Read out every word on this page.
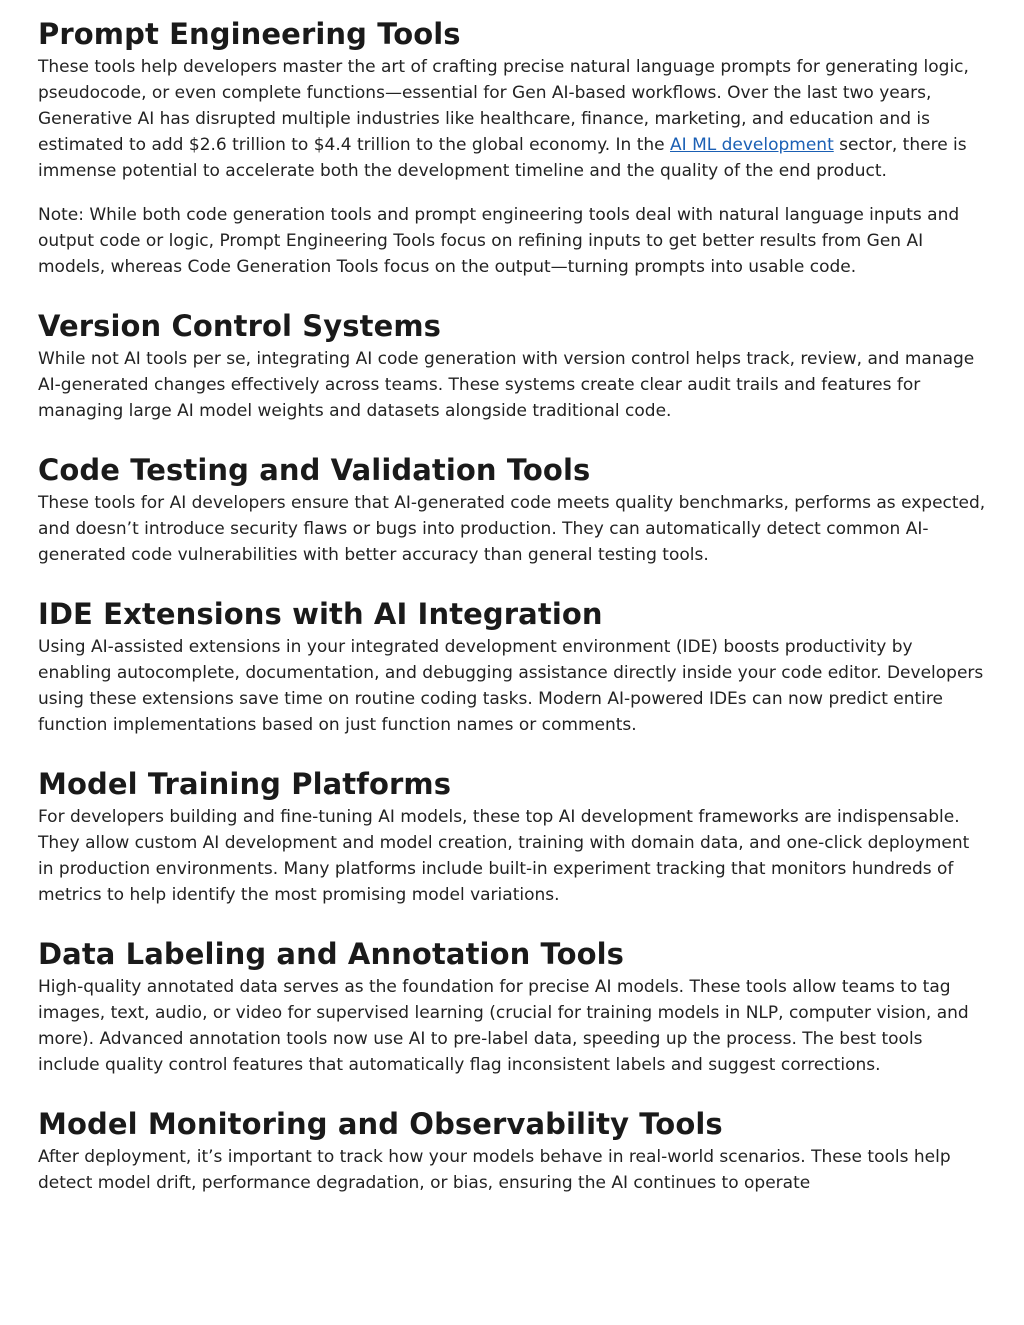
Prompt Engineering Tools

These tools help developers master the art of crafting precise natural language prompts for generating logic, pseudocode, or even complete functions—essential for Gen AI-based workflows. Over the last two years, Generative AI has disrupted multiple industries like healthcare, finance, marketing, and education and is estimated to add $2.6 trillion to $4.4 trillion to the global economy. In the AI ML development sector, there is immense potential to accelerate both the development timeline and the quality of the end product.

Note: While both code generation tools and prompt engineering tools deal with natural language inputs and output code or logic, Prompt Engineering Tools focus on refining inputs to get better results from Gen AI models, whereas Code Generation Tools focus on the output—turning prompts into usable code.

Version Control Systems

While not AI tools per se, integrating AI code generation with version control helps track, review, and manage AI-generated changes effectively across teams. These systems create clear audit trails and features for managing large AI model weights and datasets alongside traditional code.

Code Testing and Validation Tools

These tools for AI developers ensure that AI-generated code meets quality benchmarks, performs as expected, and doesn’t introduce security flaws or bugs into production. They can automatically detect common AI-generated code vulnerabilities with better accuracy than general testing tools.

IDE Extensions with AI Integration

Using AI-assisted extensions in your integrated development environment (IDE) boosts productivity by enabling autocomplete, documentation, and debugging assistance directly inside your code editor. Developers using these extensions save time on routine coding tasks. Modern AI-powered IDEs can now predict entire function implementations based on just function names or comments.

Model Training Platforms

For developers building and fine-tuning AI models, these top AI development frameworks are indispensable. They allow custom AI development and model creation, training with domain data, and one-click deployment in production environments. Many platforms include built-in experiment tracking that monitors hundreds of metrics to help identify the most promising model variations.

Data Labeling and Annotation Tools

High-quality annotated data serves as the foundation for precise AI models. These tools allow teams to tag images, text, audio, or video for supervised learning (crucial for training models in NLP, computer vision, and more). Advanced annotation tools now use AI to pre-label data, speeding up the process. The best tools include quality control features that automatically flag inconsistent labels and suggest corrections.

Model Monitoring and Observability Tools

After deployment, it’s important to track how your models behave in real-world scenarios. These tools help detect model drift, performance degradation, or bias, ensuring the AI continues to operate
